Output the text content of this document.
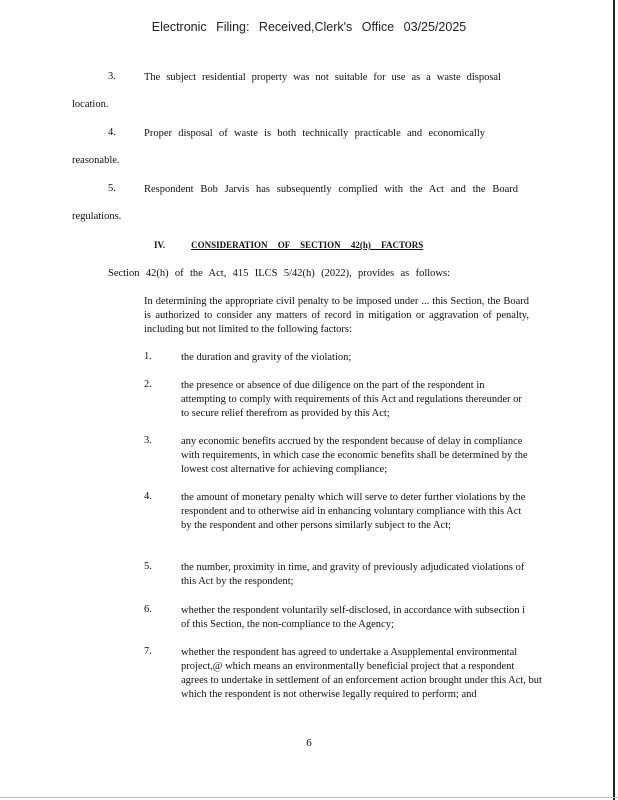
Electronic Filing: Received,Clerk's Office 03/25/2025
3.	The subject residential property was not suitable for use as a waste disposal
location.
4.	Proper disposal of waste is both technically practicable and economically
reasonable.
5.	Respondent Bob Jarvis has subsequently complied with the Act and the Board
regulations.
IV.	CONSIDERATION OF SECTION 42(h) FACTORS
Section 42(h) of the Act, 415 ILCS 5/42(h) (2022), provides as follows:
In determining the appropriate civil penalty to be imposed under ... this Section, the Board is authorized to consider any matters of record in mitigation or aggravation of penalty, including but not limited to the following factors:
1.	the duration and gravity of the violation;
2.	the presence or absence of due diligence on the part of the respondent in attempting to comply with requirements of this Act and regulations thereunder or to secure relief therefrom as provided by this Act;
3.	any economic benefits accrued by the respondent because of delay in compliance with requirements, in which case the economic benefits shall be determined by the lowest cost alternative for achieving compliance;
4.	the amount of monetary penalty which will serve to deter further violations by the respondent and to otherwise aid in enhancing voluntary compliance with this Act by the respondent and other persons similarly subject to the Act;
5.	the number, proximity in time, and gravity of previously adjudicated violations of this Act by the respondent;
6.	whether the respondent voluntarily self-disclosed, in accordance with subsection i of this Section, the non-compliance to the Agency;
7.	whether the respondent has agreed to undertake a Asupplemental environmental project,@ which means an environmentally beneficial project that a respondent agrees to undertake in settlement of an enforcement action brought under this Act, but which the respondent is not otherwise legally required to perform; and
6
